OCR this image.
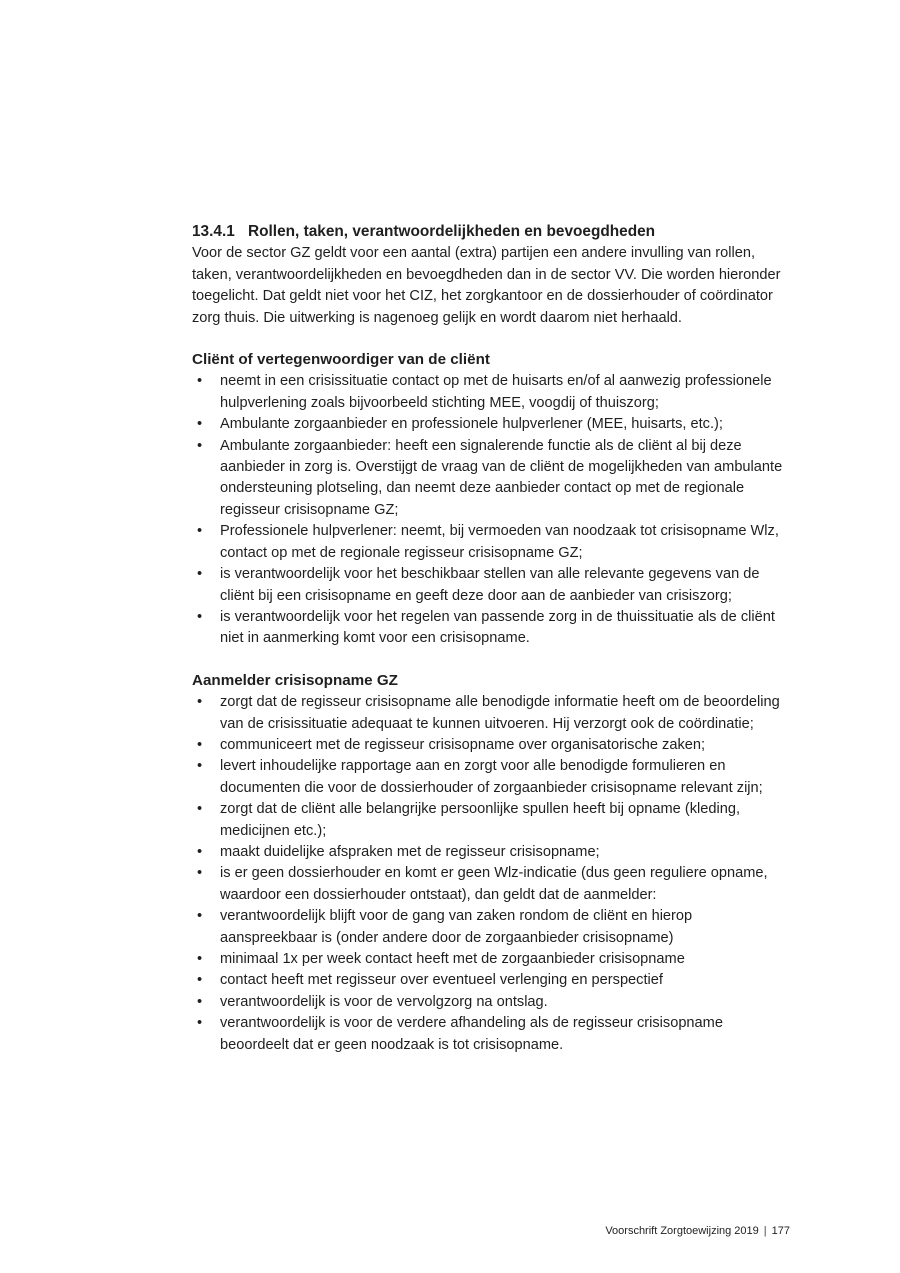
13.4.1 Rollen, taken, verantwoordelijkheden en bevoegdheden

Voor de sector GZ geldt voor een aantal (extra) partijen een andere invulling van rollen, taken, verantwoordelijkheden en bevoegdheden dan in de sector VV. Die worden hieronder toegelicht. Dat geldt niet voor het CIZ, het zorgkantoor en de dossierhouder of coördinator zorg thuis. Die uitwerking is nagenoeg gelijk en wordt daarom niet herhaald.

Cliënt of vertegenwoordiger van de cliënt
• neemt in een crisissituatie contact op met de huisarts en/of al aanwezig professionele hulpverlening zoals bijvoorbeeld stichting MEE, voogdij of thuiszorg;
• Ambulante zorgaanbieder en professionele hulpverlener (MEE, huisarts, etc.);
• Ambulante zorgaanbieder: heeft een signalerende functie als de cliënt al bij deze aanbieder in zorg is. Overstijgt de vraag van de cliënt de mogelijkheden van ambulante ondersteuning plotseling, dan neemt deze aanbieder contact op met de regionale regisseur crisisopname GZ;
• Professionele hulpverlener: neemt, bij vermoeden van noodzaak tot crisisopname Wlz, contact op met de regionale regisseur crisisopname GZ;
• is verantwoordelijk voor het beschikbaar stellen van alle relevante gegevens van de cliënt bij een crisisopname en geeft deze door aan de aanbieder van crisiszorg;
• is verantwoordelijk voor het regelen van passende zorg in de thuissituatie als de cliënt niet in aanmerking komt voor een crisisopname.
Aanmelder crisisopname GZ
• zorgt dat de regisseur crisisopname alle benodigde informatie heeft om de beoordeling van de crisissituatie adequaat te kunnen uitvoeren. Hij verzorgt ook de coördinatie;
• communiceert met de regisseur crisisopname over organisatorische zaken;
• levert inhoudelijke rapportage aan en zorgt voor alle benodigde formulieren en documenten die voor de dossierhouder of zorgaanbieder crisisopname relevant zijn;
• zorgt dat de cliënt alle belangrijke persoonlijke spullen heeft bij opname (kleding, medicijnen etc.);
• maakt duidelijke afspraken met de regisseur crisisopname;
• is er geen dossierhouder en komt er geen Wlz-indicatie (dus geen reguliere opname, waardoor een dossierhouder ontstaat), dan geldt dat de aanmelder:
• verantwoordelijk blijft voor de gang van zaken rondom de cliënt en hierop aanspreekbaar is (onder andere door de zorgaanbieder crisisopname)
• minimaal 1x per week contact heeft met de zorgaanbieder crisisopname
• contact heeft met regisseur over eventueel verlenging en perspectief
• verantwoordelijk is voor de vervolgzorg na ontslag.
• verantwoordelijk is voor de verdere afhandeling als de regisseur crisisopname beoordeelt dat er geen noodzaak is tot crisisopname.
Voorschrift Zorgtoewijzing 2019 | 177
